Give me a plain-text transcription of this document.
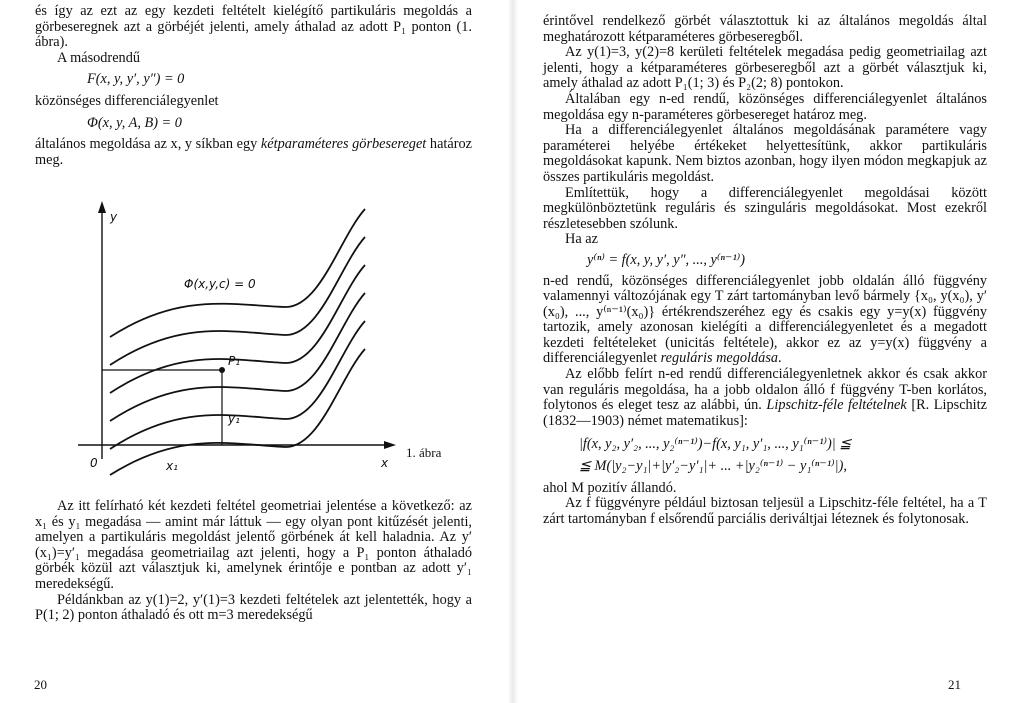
és így az ezt az egy kezdeti feltételt kielégítő partikuláris megoldás a görbeseregnek azt a görbéjét jelenti, amely áthalad az adott P₁ ponton (1. ábra).

A másodrendű

F(x, y, y′, y″) = 0

közönséges differenciálegyenlet

Φ(x, y, A, B) = 0

általános megoldása az x, y síkban egy kétparaméteres görbesereget határoz meg.

y
x
0	x₁
y₁
P₁
Φ(x,y,c) = 0
1. ábra

Az itt felírható két kezdeti feltétel geometriai jelentése a következő: az x₁ és y₁ megadása — amint már láttuk — egy olyan pont kitűzését jelenti, amelyen a partikuláris megoldást jelentő görbének át kell haladnia. Az y′(x₁)=y′₁ megadása geometriailag azt jelenti, hogy a P₁ ponton áthaladó görbék közül azt választjuk ki, amelynek érintője e pontban az adott y′₁ meredekségű.

Példánkban az y(1)=2, y′(1)=3 kezdeti feltételek azt jelentették, hogy a P(1; 2) ponton áthaladó és ott m=3 meredekségű

20

érintővel rendelkező görbét választottuk ki az általános megoldás által meghatározott kétparaméteres görbeseregből.

Az y(1)=3, y(2)=8 kerületi feltételek megadása pedig geometriailag azt jelenti, hogy a kétparaméteres görbeseregből azt a görbét választjuk ki, amely áthalad az adott P₁(1; 3) és P₂(2; 8) pontokon.

Általában egy n-ed rendű, közönséges differenciálegyenlet általános megoldása egy n-paraméteres görbesereget határoz meg.

Ha a differenciálegyenlet általános megoldásának paramétere vagy paraméterei helyébe értékeket helyettesítünk, akkor partikuláris megoldásokat kapunk. Nem biztos azonban, hogy ilyen módon megkapjuk az összes partikuláris megoldást.

Említettük, hogy a differenciálegyenlet megoldásai között megkülönböztetünk reguláris és szinguláris megoldásokat. Most ezekről részletesebben szólunk.

Ha az

y⁽ⁿ⁾ = f(x, y, y′, y″, ..., y⁽ⁿ⁻¹⁾)

n-ed rendű, közönséges differenciálegyenlet jobb oldalán álló függvény valamennyi változójának egy T zárt tartományban levő bármely {x₀, y(x₀), y′(x₀), ..., y⁽ⁿ⁻¹⁾(x₀)} értékrendszeréhez egy és csakis egy y=y(x) függvény tartozik, amely azonosan kielégíti a differenciálegyenletet és a megadott kezdeti feltételeket (unicitás feltétele), akkor ez az y=y(x) függvény a differenciálegyenlet reguláris megoldása.

Az előbb felírt n-ed rendű differenciálegyenletnek akkor és csak akkor van reguláris megoldása, ha a jobb oldalon álló f függvény T-ben korlátos, folytonos és eleget tesz az alábbi, ún. Lipschitz-féle feltételnek [R. Lipschitz (1832—1903) német matematikus]:

|f(x, y₂, y′₂, ..., y₂⁽ⁿ⁻¹⁾)−f(x, y₁, y′₁, ..., y₁⁽ⁿ⁻¹⁾)| ≦

≦ M(|y₂−y₁|+|y′₂−y′₁|+ ... +|y₂⁽ⁿ⁻¹⁾ − y₁⁽ⁿ⁻¹⁾|),

ahol M pozitív állandó.

Az f függvényre például biztosan teljesül a Lipschitz-féle feltétel, ha a T zárt tartományban f elsőrendű parciális deriváltjai léteznek és folytonosak.

21
